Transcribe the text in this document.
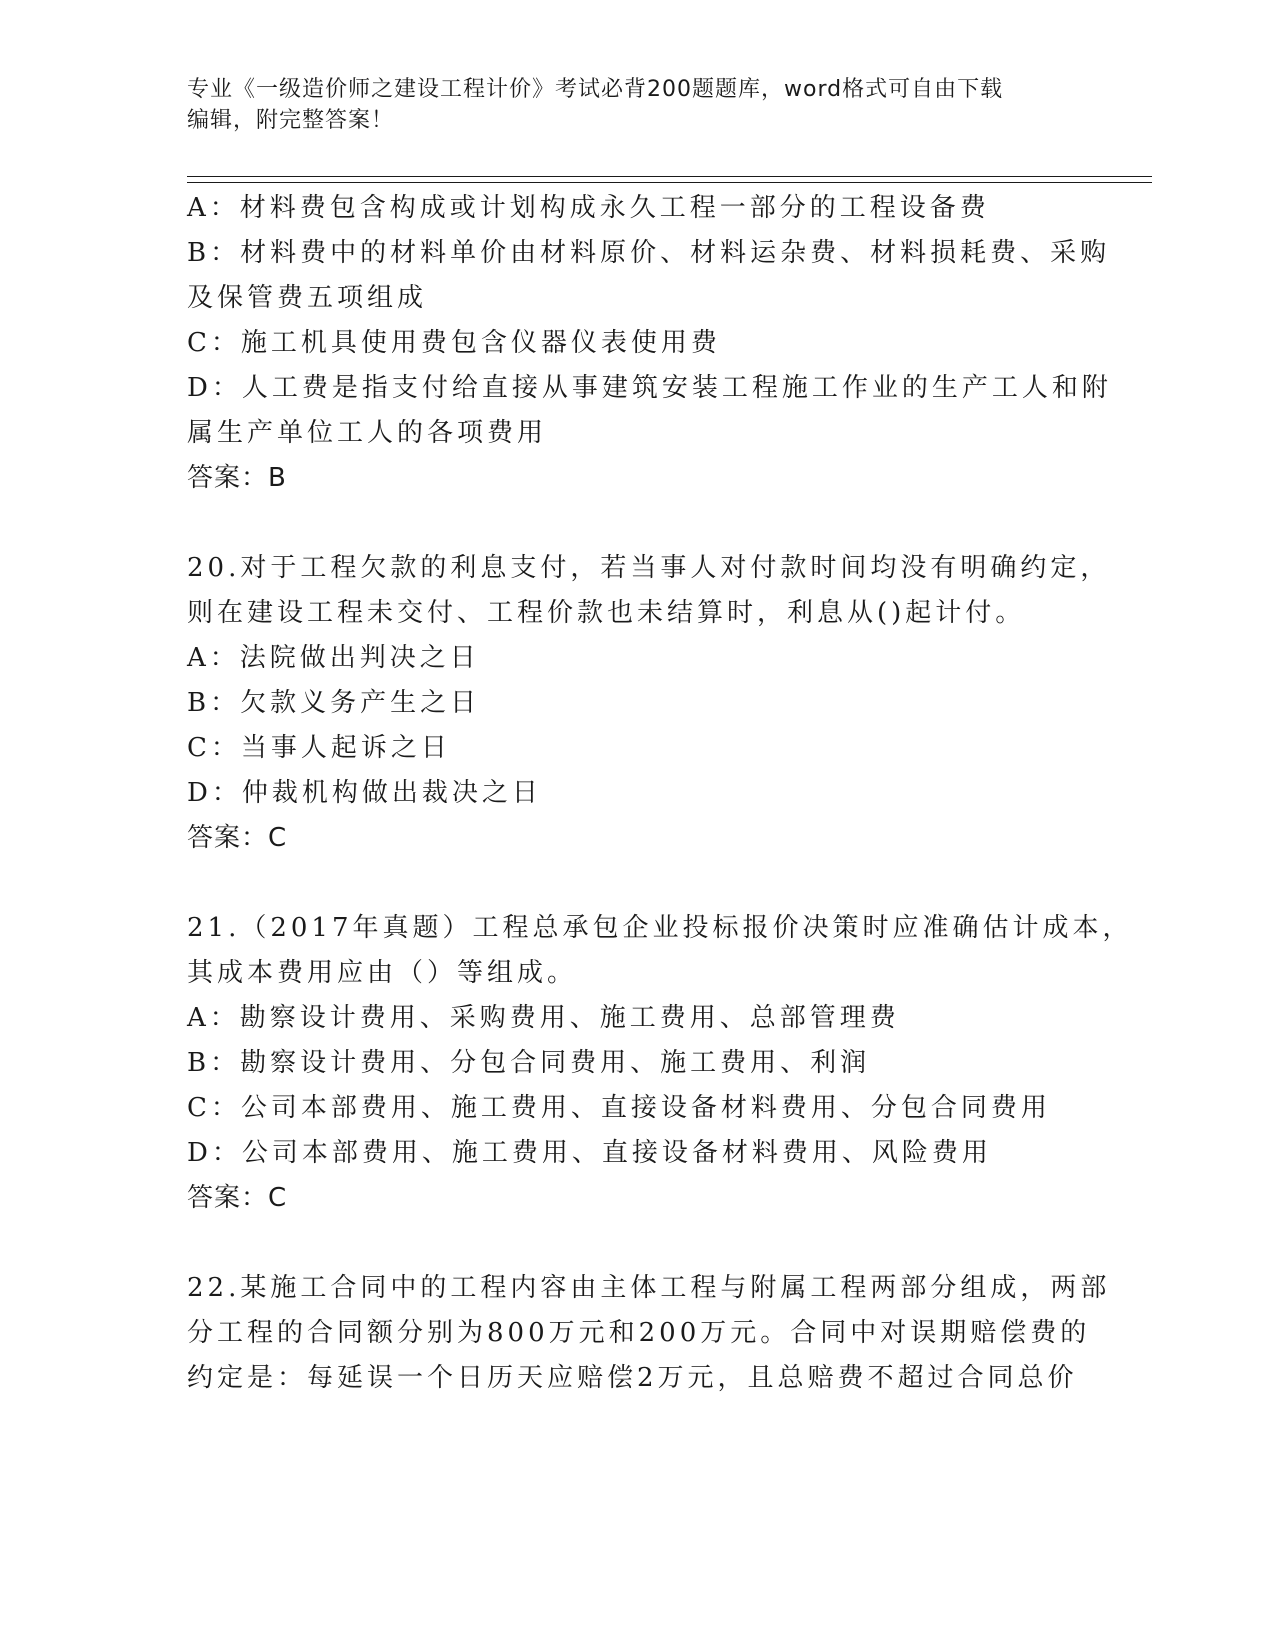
专业《一级造价师之建设工程计价》考试必背200题题库，word格式可自由下载
编辑，附完整答案！
A：材料费包含构成或计划构成永久工程一部分的工程设备费
B：材料费中的材料单价由材料原价、材料运杂费、材料损耗费、采购
及保管费五项组成
C：施工机具使用费包含仪器仪表使用费
D：人工费是指支付给直接从事建筑安装工程施工作业的生产工人和附
属生产单位工人的各项费用
答案：B
20.对于工程欠款的利息支付，若当事人对付款时间均没有明确约定，
则在建设工程未交付、工程价款也未结算时，利息从()起计付。
A：法院做出判决之日
B：欠款义务产生之日
C：当事人起诉之日
D：仲裁机构做出裁决之日
答案：C
21.（2017年真题）工程总承包企业投标报价决策时应准确估计成本，
其成本费用应由（）等组成。
A：勘察设计费用、采购费用、施工费用、总部管理费
B：勘察设计费用、分包合同费用、施工费用、利润
C：公司本部费用、施工费用、直接设备材料费用、分包合同费用
D：公司本部费用、施工费用、直接设备材料费用、风险费用
答案：C
22.某施工合同中的工程内容由主体工程与附属工程两部分组成，两部
分工程的合同额分别为800万元和200万元。合同中对误期赔偿费的
约定是：每延误一个日历天应赔偿2万元，且总赔费不超过合同总价
